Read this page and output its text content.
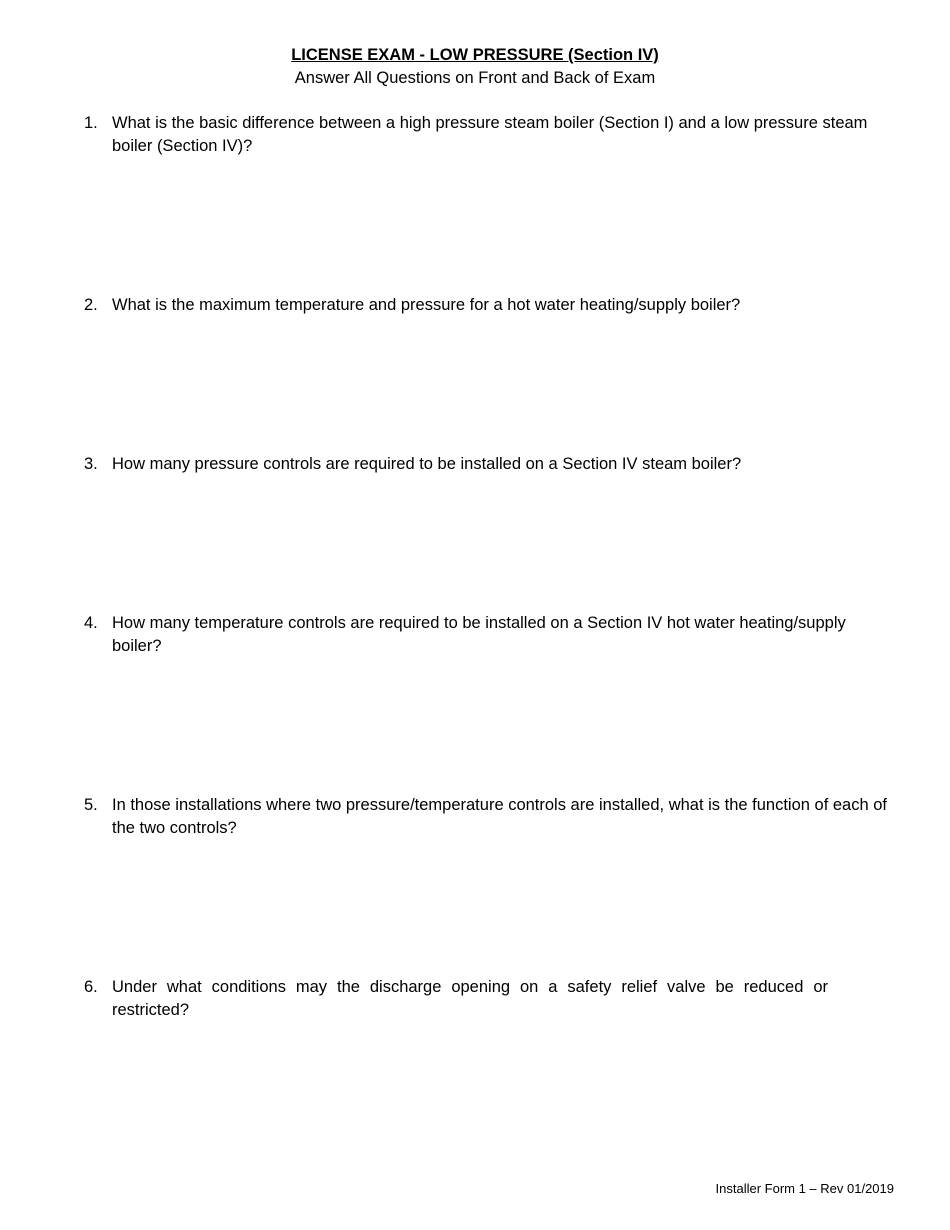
LICENSE EXAM - LOW PRESSURE (Section IV)
Answer All Questions on Front and Back of Exam
1. What is the basic difference between a high pressure steam boiler (Section I) and a low pressure steam boiler (Section IV)?
2. What is the maximum temperature and pressure for a hot water heating/supply boiler?
3. How many pressure controls are required to be installed on a Section IV steam boiler?
4. How many temperature controls are required to be installed on a Section IV hot water heating/supply boiler?
5. In those installations where two pressure/temperature controls are installed, what is the function of each of the two controls?
6. Under what conditions may the discharge opening on a safety relief valve be reduced or restricted?
Installer Form 1 – Rev 01/2019
